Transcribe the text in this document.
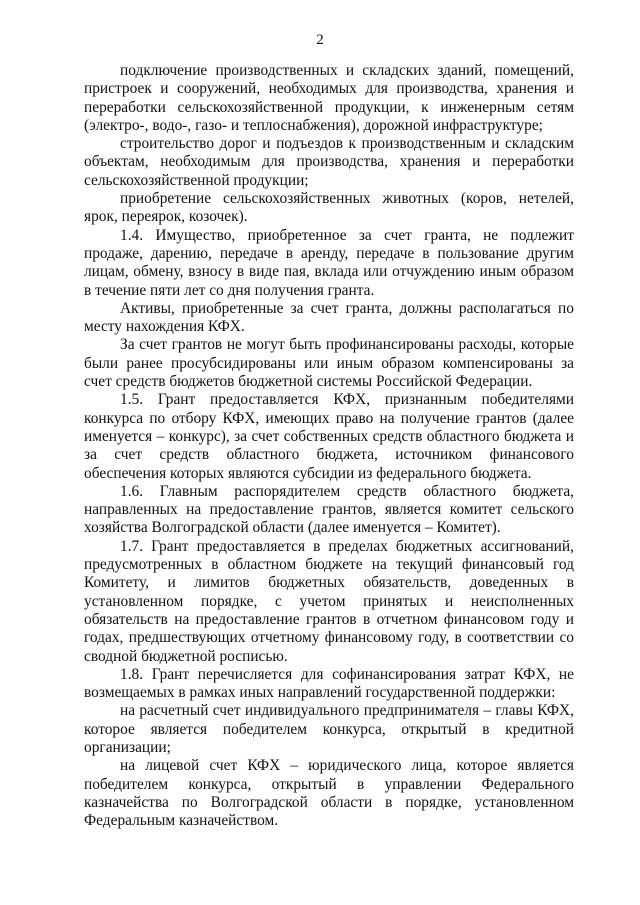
2

подключение производственных и складских зданий, помещений, пристроек и сооружений, необходимых для производства, хранения и переработки сельскохозяйственной продукции, к инженерным сетям (электро-, водо-, газо- и теплоснабжения), дорожной инфраструктуре;

строительство дорог и подъездов к производственным и складским объектам, необходимым для производства, хранения и переработки сельскохозяйственной продукции;

приобретение сельскохозяйственных животных (коров, нетелей, ярок, переярок, козочек).

1.4. Имущество, приобретенное за счет гранта, не подлежит продаже, дарению, передаче в аренду, передаче в пользование другим лицам, обмену, взносу в виде пая, вклада или отчуждению иным образом в течение пяти лет со дня получения гранта.

Активы, приобретенные за счет гранта, должны располагаться по месту нахождения КФХ.

За счет грантов не могут быть профинансированы расходы, которые были ранее просубсидированы или иным образом компенсированы за счет средств бюджетов бюджетной системы Российской Федерации.

1.5. Грант предоставляется КФХ, признанным победителями конкурса по отбору КФХ, имеющих право на получение грантов (далее именуется – конкурс), за счет собственных средств областного бюджета и за счет средств областного бюджета, источником финансового обеспечения которых являются субсидии из федерального бюджета.

1.6. Главным распорядителем средств областного бюджета, направленных на предоставление грантов, является комитет сельского хозяйства Волгоградской области (далее именуется – Комитет).

1.7. Грант предоставляется в пределах бюджетных ассигнований, предусмотренных в областном бюджете на текущий финансовый год Комитету, и лимитов бюджетных обязательств, доведенных в установленном порядке, с учетом принятых и неисполненных обязательств на предоставление грантов в отчетном финансовом году и годах, предшествующих отчетному финансовому году, в соответствии со сводной бюджетной росписью.

1.8. Грант перечисляется для софинансирования затрат КФХ, не возмещаемых в рамках иных направлений государственной поддержки:

на расчетный счет индивидуального предпринимателя – главы КФХ, которое является победителем конкурса, открытый в кредитной организации;

на лицевой счет КФХ – юридического лица, которое является победителем конкурса, открытый в управлении Федерального казначейства по Волгоградской области в порядке, установленном Федеральным казначейством.
